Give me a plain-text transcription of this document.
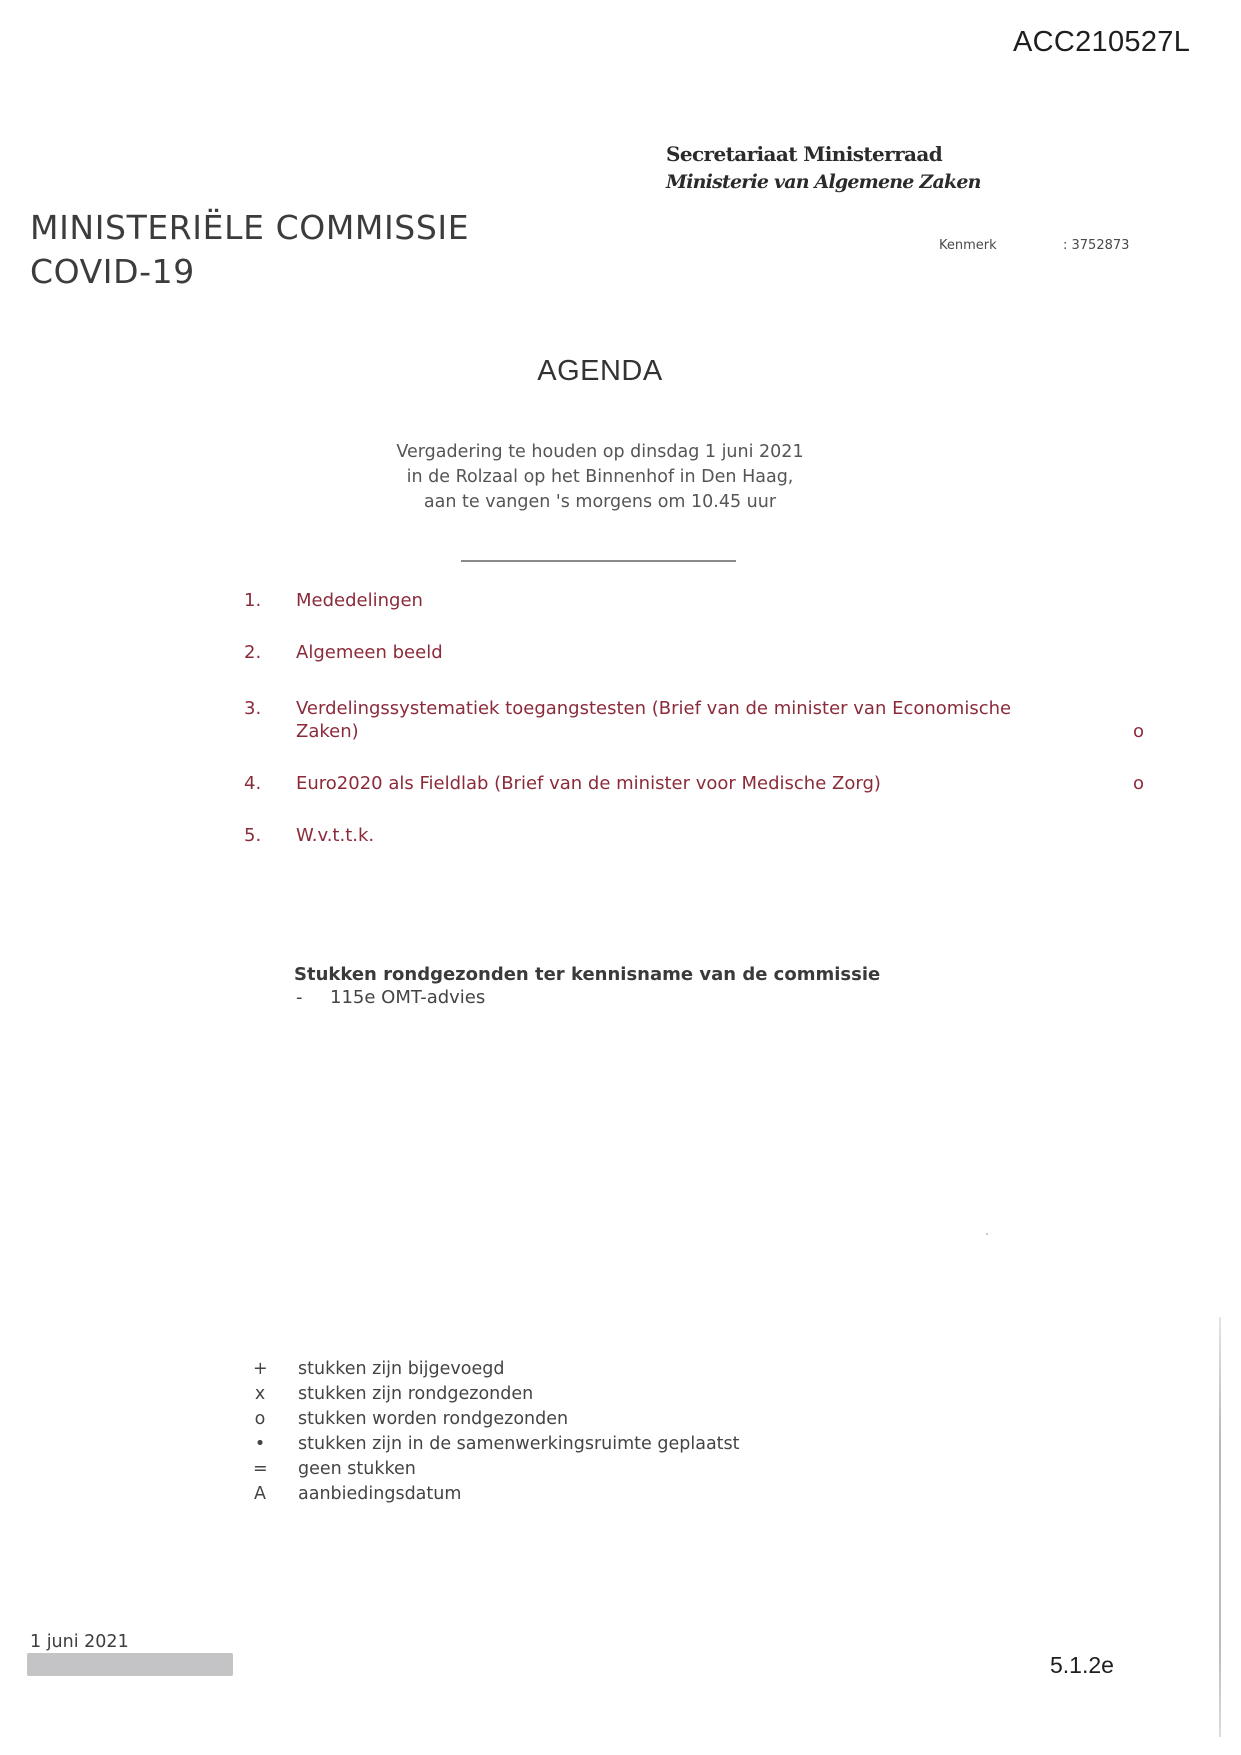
ACC210527L
Secretariaat Ministerraad
Ministerie van Algemene Zaken
MINISTERIËLE COMMISSIE
COVID-19
Kenmerk	: 3752873
AGENDA
Vergadering te houden op dinsdag 1 juni 2021
in de Rolzaal op het Binnenhof in Den Haag,
aan te vangen 's morgens om 10.45 uur
1. Mededelingen
2. Algemeen beeld
3. Verdelingssystematiek toegangstesten (Brief van de minister van Economische
Zaken)	o
4. Euro2020 als Fieldlab (Brief van de minister voor Medische Zorg)	o
5. W.v.t.t.k.
Stukken rondgezonden ter kennisname van de commissie
- 115e OMT-advies
+ stukken zijn bijgevoegd
x stukken zijn rondgezonden
o stukken worden rondgezonden
• stukken zijn in de samenwerkingsruimte geplaatst
= geen stukken
A aanbiedingsdatum
1 juni 2021
5.1.2e
